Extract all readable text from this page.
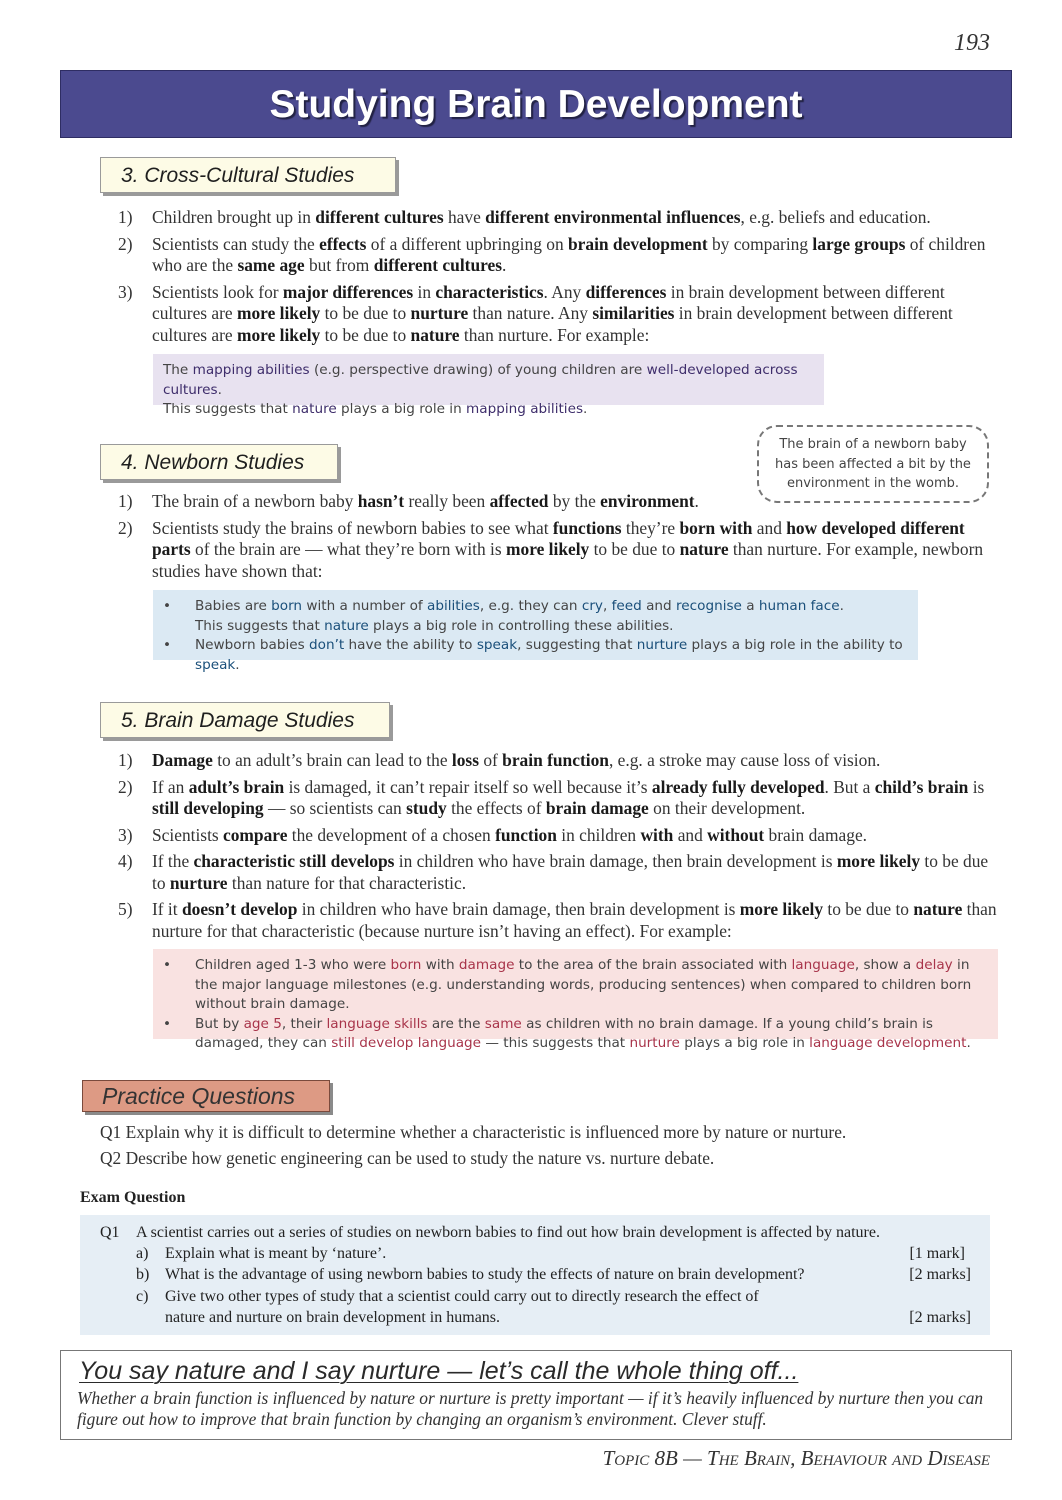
193
Studying Brain Development
3. Cross-Cultural Studies
1) Children brought up in different cultures have different environmental influences, e.g. beliefs and education.
2) Scientists can study the effects of a different upbringing on brain development by comparing large groups of children who are the same age but from different cultures.
3) Scientists look for major differences in characteristics. Any differences in brain development between different cultures are more likely to be due to nurture than nature. Any similarities in brain development between different cultures are more likely to be due to nature than nurture. For example:
The mapping abilities (e.g. perspective drawing) of young children are well-developed across cultures.
This suggests that nature plays a big role in mapping abilities.
The brain of a newborn baby has been affected a bit by the environment in the womb.
4. Newborn Studies
1) The brain of a newborn baby hasn’t really been affected by the environment.
2) Scientists study the brains of newborn babies to see what functions they’re born with and how developed different parts of the brain are — what they’re born with is more likely to be due to nature than nurture. For example, newborn studies have shown that:
• Babies are born with a number of abilities, e.g. they can cry, feed and recognise a human face.
This suggests that nature plays a big role in controlling these abilities.
• Newborn babies don’t have the ability to speak, suggesting that nurture plays a big role in the ability to speak.
5. Brain Damage Studies
1) Damage to an adult’s brain can lead to the loss of brain function, e.g. a stroke may cause loss of vision.
2) If an adult’s brain is damaged, it can’t repair itself so well because it’s already fully developed. But a child’s brain is still developing — so scientists can study the effects of brain damage on their development.
3) Scientists compare the development of a chosen function in children with and without brain damage.
4) If the characteristic still develops in children who have brain damage, then brain development is more likely to be due to nurture than nature for that characteristic.
5) If it doesn’t develop in children who have brain damage, then brain development is more likely to be due to nature than nurture for that characteristic (because nurture isn’t having an effect). For example:
• Children aged 1-3 who were born with damage to the area of the brain associated with language, show a delay in the major language milestones (e.g. understanding words, producing sentences) when compared to children born without brain damage.
• But by age 5, their language skills are the same as children with no brain damage. If a young child’s brain is damaged, they can still develop language — this suggests that nurture plays a big role in language development.
Practice Questions
Q1 Explain why it is difficult to determine whether a characteristic is influenced more by nature or nurture.
Q2 Describe how genetic engineering can be used to study the nature vs. nurture debate.
Exam Question
Q1 A scientist carries out a series of studies on newborn babies to find out how brain development is affected by nature.
a) Explain what is meant by ‘nature’.	[1 mark]
b) What is the advantage of using newborn babies to study the effects of nature on brain development?	[2 marks]
c) Give two other types of study that a scientist could carry out to directly research the effect of
nature and nurture on brain development in humans.	[2 marks]
You say nature and I say nurture — let’s call the whole thing off...
Whether a brain function is influenced by nature or nurture is pretty important — if it’s heavily influenced by nurture then you can figure out how to improve that brain function by changing an organism’s environment. Clever stuff.
Topic 8B — The Brain, Behaviour and Disease
